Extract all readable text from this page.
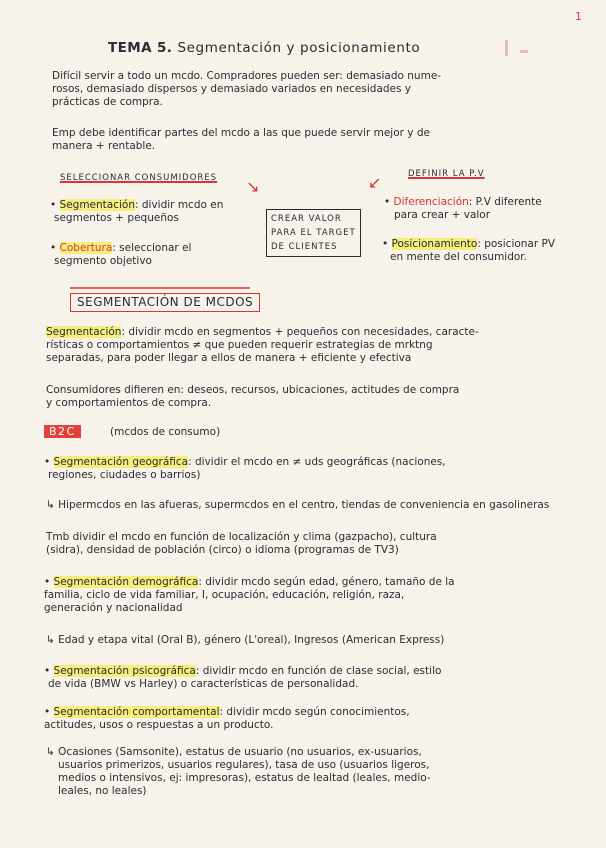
1
TEMA 5. Segmentación y posicionamiento
Difícil servir a todo un mcdo. Compradores pueden ser: demasiado nume-
rosos, demasiado dispersos y demasiado variados en necesidades y
prácticas de compra.
Emp debe identificar partes del mcdo a las que puede servir mejor y de
manera + rentable.
SELECCIONAR CONSUMIDORES	DEFINIR LA P.V
↘	↙
• Segmentación: dividir mcdo en
segmentos + pequeños
• Cobertura: seleccionar el
segmento objetivo
CREAR VALOR
PARA EL TARGET
DE CLIENTES
• Diferenciación: P.V diferente
para crear + valor
• Posicionamiento: posicionar PV
en mente del consumidor.
SEGMENTACIÓN DE MCDOS
Segmentación: dividir mcdo en segmentos + pequeños con necesidades, caracte-
rísticas o comportamientos ≠ que pueden requerir estrategias de mrktng
separadas, para poder llegar a ellos de manera + eficiente y efectiva
Consumidores difieren en: deseos, recursos, ubicaciones, actitudes de compra
y comportamientos de compra.
B2C	(mcdos de consumo)
• Segmentación geográfica: dividir el mcdo en ≠ uds geográficas (naciones,
regiones, ciudades o barrios)
↳ Hipermcdos en las afueras, supermcdos en el centro, tiendas de conveniencia en gasolineras
Tmb dividir el mcdo en función de localización y clima (gazpacho), cultura
(sidra), densidad de población (circo) o idioma (programas de TV3)
• Segmentación demográfica: dividir mcdo según edad, género, tamaño de la
familia, ciclo de vida familiar, I, ocupación, educación, religión, raza,
generación y nacionalidad
↳ Edad y etapa vital (Oral B), género (L'oreal), Ingresos (American Express)
• Segmentación psicográfica: dividir mcdo en función de clase social, estilo
de vida (BMW vs Harley) o características de personalidad.
• Segmentación comportamental: dividir mcdo según conocimientos,
actitudes, usos o respuestas a un producto.
↳ Ocasiones (Samsonite), estatus de usuario (no usuarios, ex-usuarios,
usuarios primerizos, usuarios regulares), tasa de uso (usuarios ligeros,
medios o intensivos, ej: impresoras), estatus de lealtad (leales, medio-
leales, no leales)
